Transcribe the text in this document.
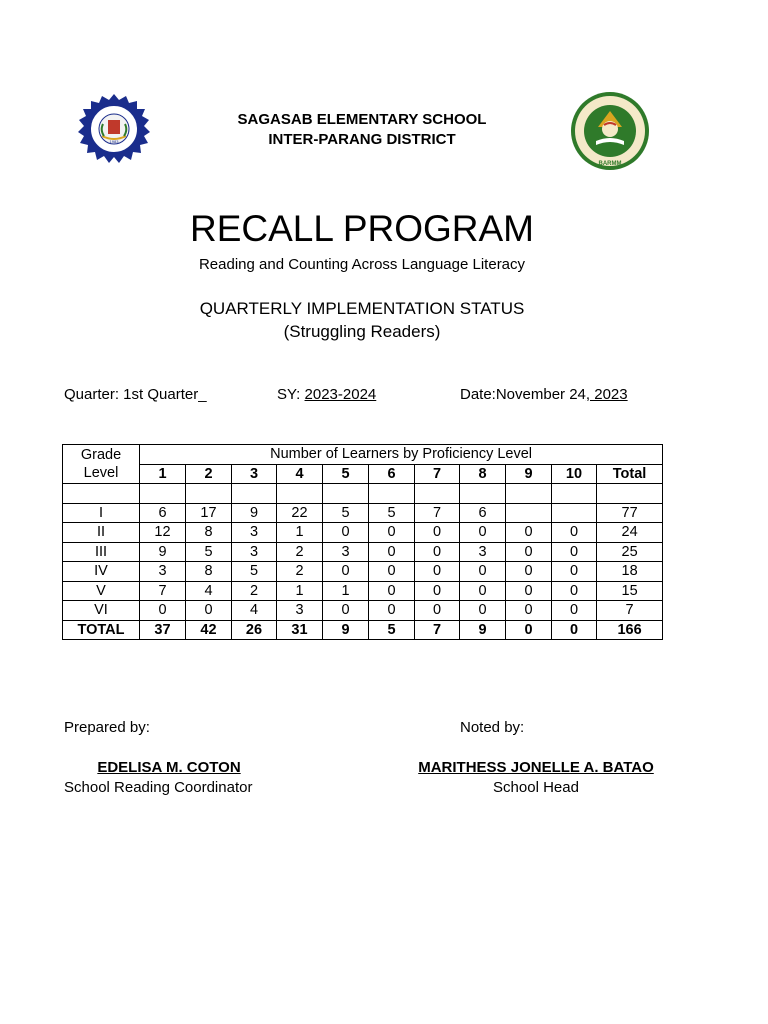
1983
BARMM
SAGASAB ELEMENTARY SCHOOL
INTER-PARANG DISTRICT
RECALL PROGRAM
Reading and Counting Across Language Literacy
QUARTERLY IMPLEMENTATION STATUS
(Struggling Readers)
Quarter: 1st Quarter_	SY: 2023-2024	Date:November 24, 2023
Grade
Level	Number of Learners by Proficiency Level										
	1	2	3	4	5	6	7	8	9	10	Total

I	6	17	9	22	5	5	7	6			77
II	12	8	3	1	0	0	0	0	0	0	24
III	9	5	3	2	3	0	0	3	0	0	25
IV	3	8	5	2	0	0	0	0	0	0	18
V	7	4	2	1	1	0	0	0	0	0	15
VI	0	0	4	3	0	0	0	0	0	0	7
TOTAL	37	42	26	31	9	5	7	9	0	0	166
Prepared by:	Noted by:
EDELISA M. COTON	MARITHESS JONELLE A. BATAO
School Reading Coordinator	School Head
